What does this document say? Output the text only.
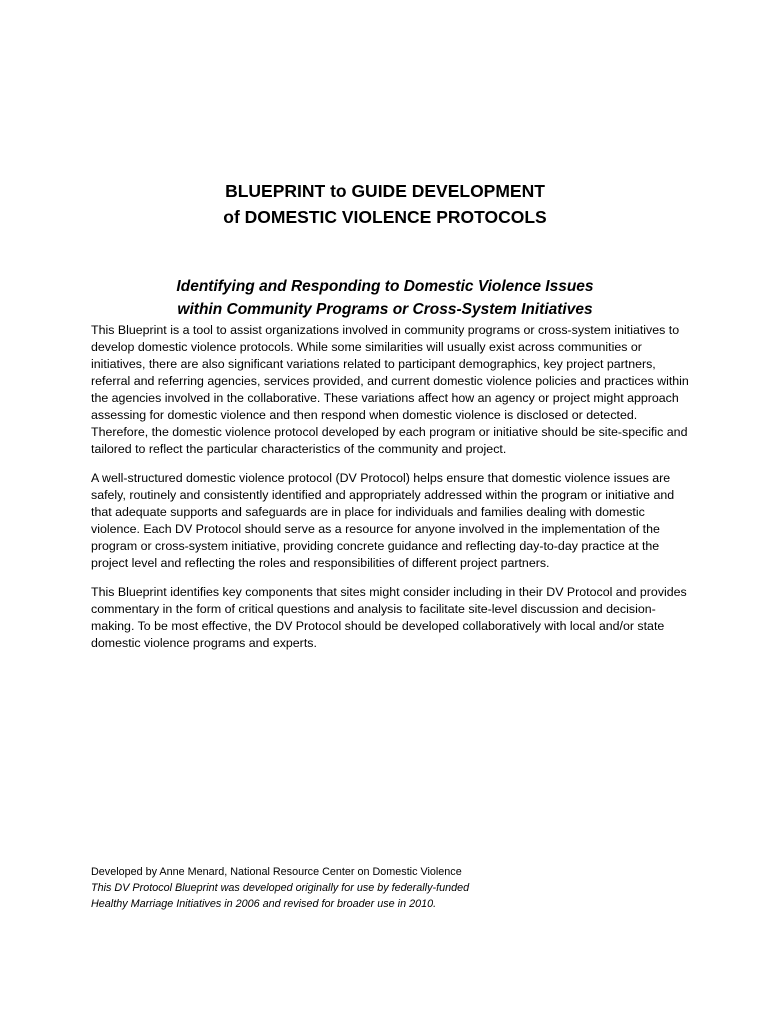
BLUEPRINT to GUIDE DEVELOPMENT
of DOMESTIC VIOLENCE PROTOCOLS
Identifying and Responding to Domestic Violence Issues
within Community Programs or Cross-System Initiatives

This Blueprint is a tool to assist organizations involved in community programs or cross-system initiatives to develop domestic violence protocols. While some similarities will usually exist across communities or initiatives, there are also significant variations related to participant demographics, key project partners, referral and referring agencies, services provided, and current domestic violence policies and practices within the agencies involved in the collaborative. These variations affect how an agency or project might approach assessing for domestic violence and then respond when domestic violence is disclosed or detected. Therefore, the domestic violence protocol developed by each program or initiative should be site-specific and tailored to reflect the particular characteristics of the community and project.

A well-structured domestic violence protocol (DV Protocol) helps ensure that domestic violence issues are safely, routinely and consistently identified and appropriately addressed within the program or initiative and that adequate supports and safeguards are in place for individuals and families dealing with domestic violence. Each DV Protocol should serve as a resource for anyone involved in the implementation of the program or cross-system initiative, providing concrete guidance and reflecting day-to-day practice at the project level and reflecting the roles and responsibilities of different project partners.

This Blueprint identifies key components that sites might consider including in their DV Protocol and provides commentary in the form of critical questions and analysis to facilitate site-level discussion and decision-making. To be most effective, the DV Protocol should be developed collaboratively with local and/or state domestic violence programs and experts.

Developed by Anne Menard, National Resource Center on Domestic Violence
This DV Protocol Blueprint was developed originally for use by federally-funded
Healthy Marriage Initiatives in 2006 and revised for broader use in 2010.
